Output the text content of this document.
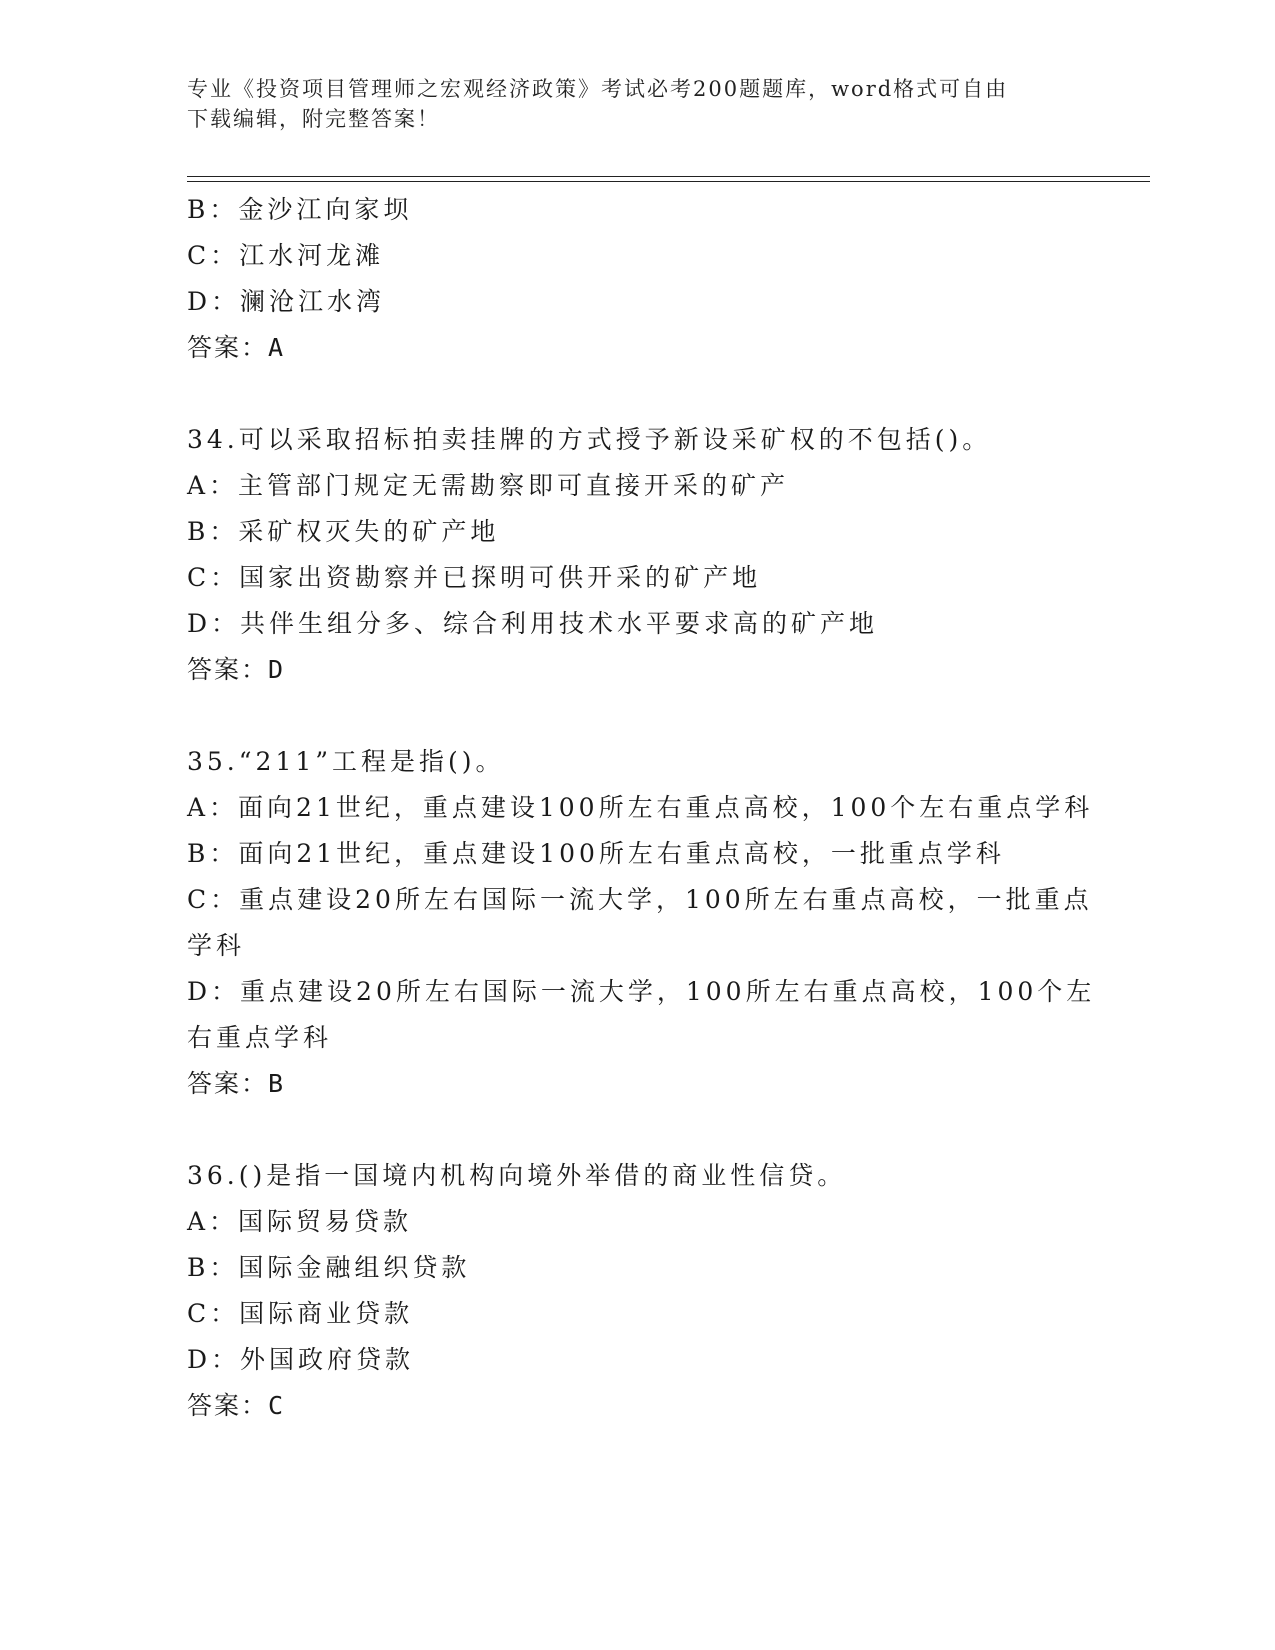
专业《投资项目管理师之宏观经济政策》考试必考200题题库，word格式可自由
下载编辑，附完整答案！
B：金沙江向家坝
C：江水河龙滩
D：澜沧江水湾
答案：A
34.可以采取招标拍卖挂牌的方式授予新设采矿权的不包括()。
A：主管部门规定无需勘察即可直接开采的矿产
B：采矿权灭失的矿产地
C：国家出资勘察并已探明可供开采的矿产地
D：共伴生组分多、综合利用技术水平要求高的矿产地
答案：D
35.“211”工程是指()。
A：面向21世纪，重点建设100所左右重点高校，100个左右重点学科
B：面向21世纪，重点建设100所左右重点高校，一批重点学科
C：重点建设20所左右国际一流大学，100所左右重点高校，一批重点
学科
D：重点建设20所左右国际一流大学，100所左右重点高校，100个左
右重点学科
答案：B
36.()是指一国境内机构向境外举借的商业性信贷。
A：国际贸易贷款
B：国际金融组织贷款
C：国际商业贷款
D：外国政府贷款
答案：C
